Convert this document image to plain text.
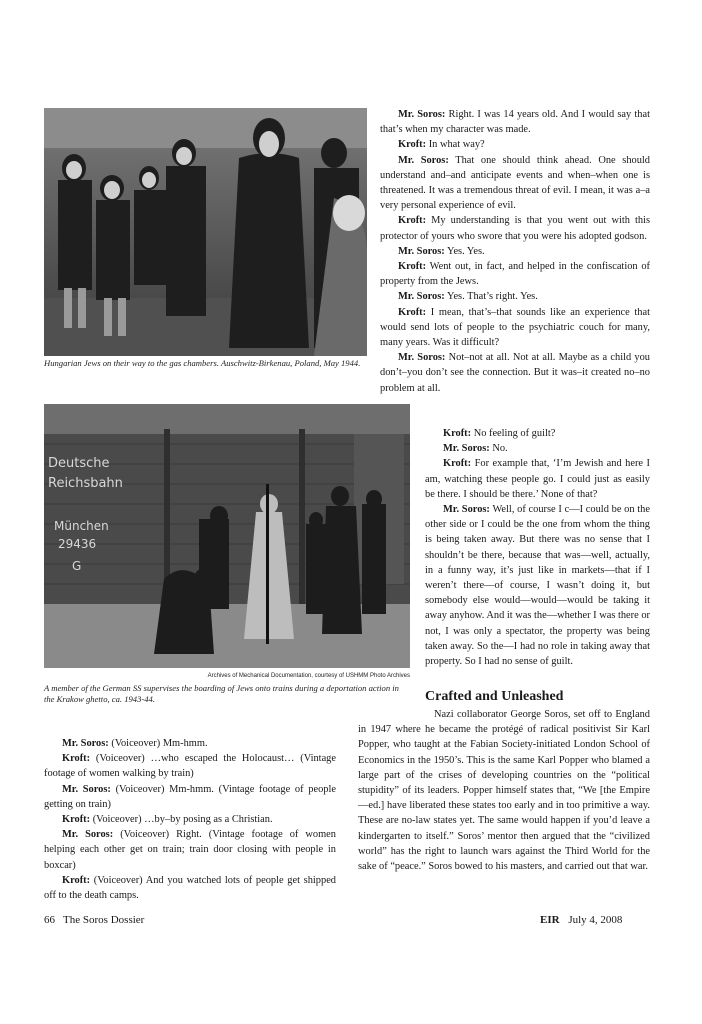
Hungarian Jews on their way to the gas chambers. Auschwitz-Birkenau, Poland, May 1944.
Deutsche
Reichsbahn
München
29436
G
Archives of Mechanical Documentation, courtesy of USHMM Photo Archives
A member of the German SS supervises the boarding of Jews onto trains during a deportation action in the Krakow ghetto, ca. 1943-44.

Mr. Soros: Right. I was 14 years old. And I would say that that’s when my character was made.

Kroft: In what way?

Mr. Soros: That one should think ahead. One should understand and–and anticipate events and when–when one is threatened. It was a tremendous threat of evil. I mean, it was a–a very personal experience of evil.

Kroft: My understanding is that you went out with this protector of yours who swore that you were his adopted godson.

Mr. Soros: Yes. Yes.

Kroft: Went out, in fact, and helped in the confiscation of property from the Jews.

Mr. Soros: Yes. That’s right. Yes.

Kroft: I mean, that’s–that sounds like an experience that would send lots of people to the psychiatric couch for many, many years. Was it difficult?

Mr. Soros: Not–not at all. Not at all. Maybe as a child you don’t–you don’t see the connection. But it was–it created no–no problem at all.

Kroft: No feeling of guilt?

Mr. Soros: No.

Kroft: For example that, ‘I’m Jewish and here I am, watching these people go. I could just as easily be there. I should be there.’ None of that?

Mr. Soros: Well, of course I c—I could be on the other side or I could be the one from whom the thing is being taken away. But there was no sense that I shouldn’t be there, because that was—well, actually, in a funny way, it’s just like in markets—that if I weren’t there—of course, I wasn’t doing it, but somebody else would—would—would be taking it away anyhow. And it was the—whether I was there or not, I was only a spectator, the property was being taken away. So the—I had no role in taking away that property. So I had no sense of guilt.

Crafted and Unleashed

Nazi collaborator George Soros, set off to England in 1947 where he became the protégé of radical positivist Sir Karl Popper, who taught at the Fabian Society-initiated London School of Economics in the 1950’s. This is the same Karl Popper who blamed a large part of the crises of developing countries on the “political stupidity” of its leaders. Popper himself states that, “We [the Empire—ed.] have liberated these states too early and in too primitive a way. These are no-law states yet. The same would happen if you’d leave a kindergarten to itself.” Soros’ mentor then argued that the “civilized world” has the right to launch wars against the Third World for the sake of “peace.” Soros bowed to his masters, and carried out that war.

Mr. Soros: (Voiceover) Mm-hmm.

Kroft: (Voiceover) …who escaped the Holocaust… (Vintage footage of women walking by train)

Mr. Soros: (Voiceover) Mm-hmm. (Vintage footage of people getting on train)

Kroft: (Voiceover) …by–by posing as a Christian.

Mr. Soros: (Voiceover) Right. (Vintage footage of women helping each other get on train; train door closing with people in boxcar)

Kroft: (Voiceover) And you watched lots of people get shipped off to the death camps.

66   The Soros Dossier	EIR July 4, 2008
